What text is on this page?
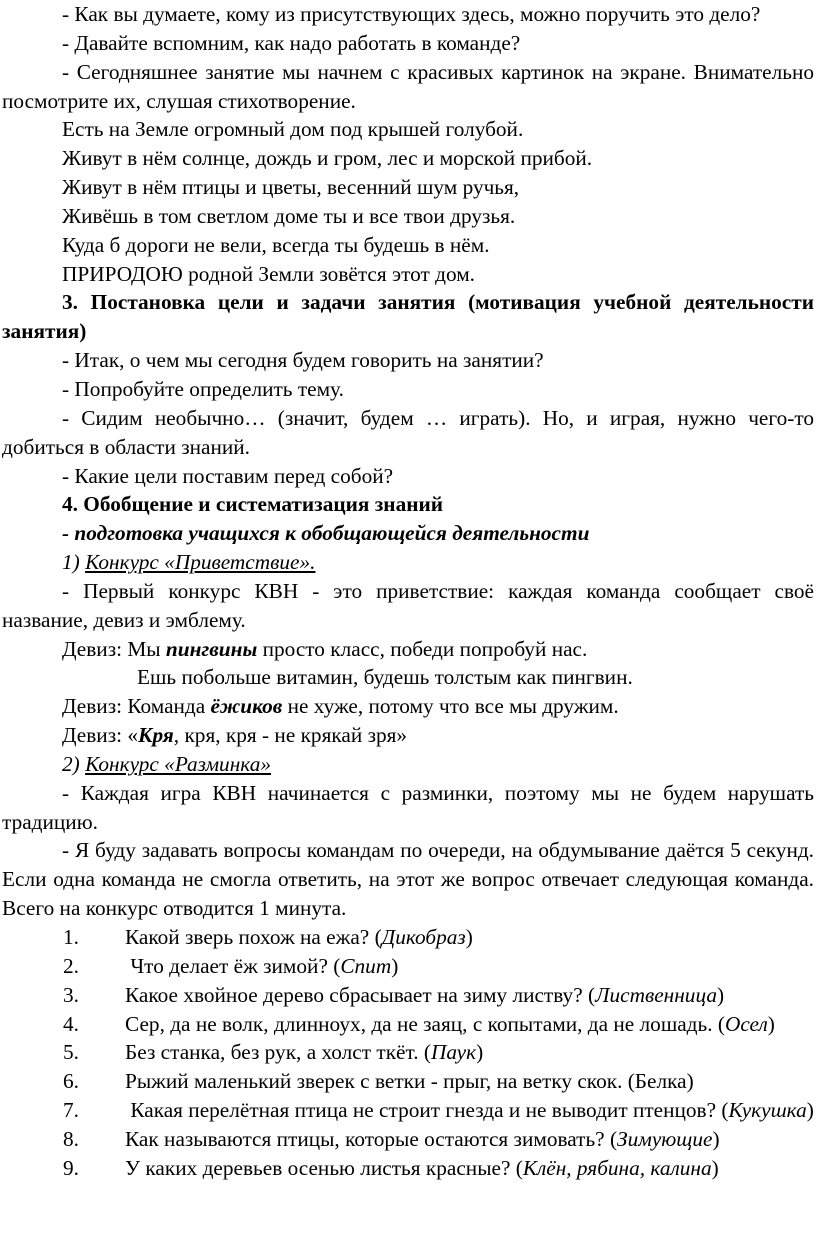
- Как вы думаете, кому из присутствующих здесь, можно поручить это дело?

- Давайте вспомним, как надо работать в команде?

- Сегодняшнее занятие мы начнем с красивых картинок на экране. Внимательно посмотрите их, слушая стихотворение.

Есть на Земле огромный дом под крышей голубой.

Живут в нём солнце, дождь и гром, лес и морской прибой.

Живут в нём птицы и цветы, весенний шум ручья,

Живёшь в том светлом доме ты и все твои друзья.

Куда б дороги не вели, всегда ты будешь в нём.

ПРИРОДОЮ родной Земли зовётся этот дом.

3. Постановка цели и задачи занятия (мотивация учебной деятельности занятия)

- Итак, о чем мы сегодня будем говорить на занятии?

- Попробуйте определить тему.

- Сидим необычно… (значит, будем … играть). Но, и играя, нужно чего-то добиться в области знаний.

- Какие цели поставим перед собой?

4. Обобщение и систематизация знаний

- подготовка учащихся к обобщающейся деятельности

1) Конкурс «Приветствие».

- Первый конкурс КВН - это приветствие: каждая команда сообщает своё название, девиз и эмблему.

Девиз: Мы пингвины просто класс, победи попробуй нас.

Ешь побольше витамин, будешь толстым как пингвин.

Девиз: Команда ёжиков не хуже, потому что все мы дружим.

Девиз: «Кря, кря, кря - не крякай зря»

2) Конкурс «Разминка»

- Каждая игра КВН начинается с разминки, поэтому мы не будем нарушать традицию.

- Я буду задавать вопросы командам по очереди, на обдумывание даётся 5 секунд. Если одна команда не смогла ответить, на этот же вопрос отвечает следующая команда. Всего на конкурс отводится 1 минута.

1. Какой зверь похож на ежа? (Дикобраз)

2. Что делает ёж зимой? (Спит)

3. Какое хвойное дерево сбрасывает на зиму листву? (Лиственница)

4. Сер, да не волк, длинноух, да не заяц, с копытами, да не лошадь. (Осел)

5. Без станка, без рук, а холст ткёт. (Паук)

6. Рыжий маленький зверек с ветки - прыг, на ветку скок. (Белка)

7. Какая перелётная птица не строит гнезда и не выводит птенцов? (Кукушка)

8. Как называются птицы, которые остаются зимовать? (Зимующие)

9. У каких деревьев осенью листья красные? (Клён, рябина, калина)
